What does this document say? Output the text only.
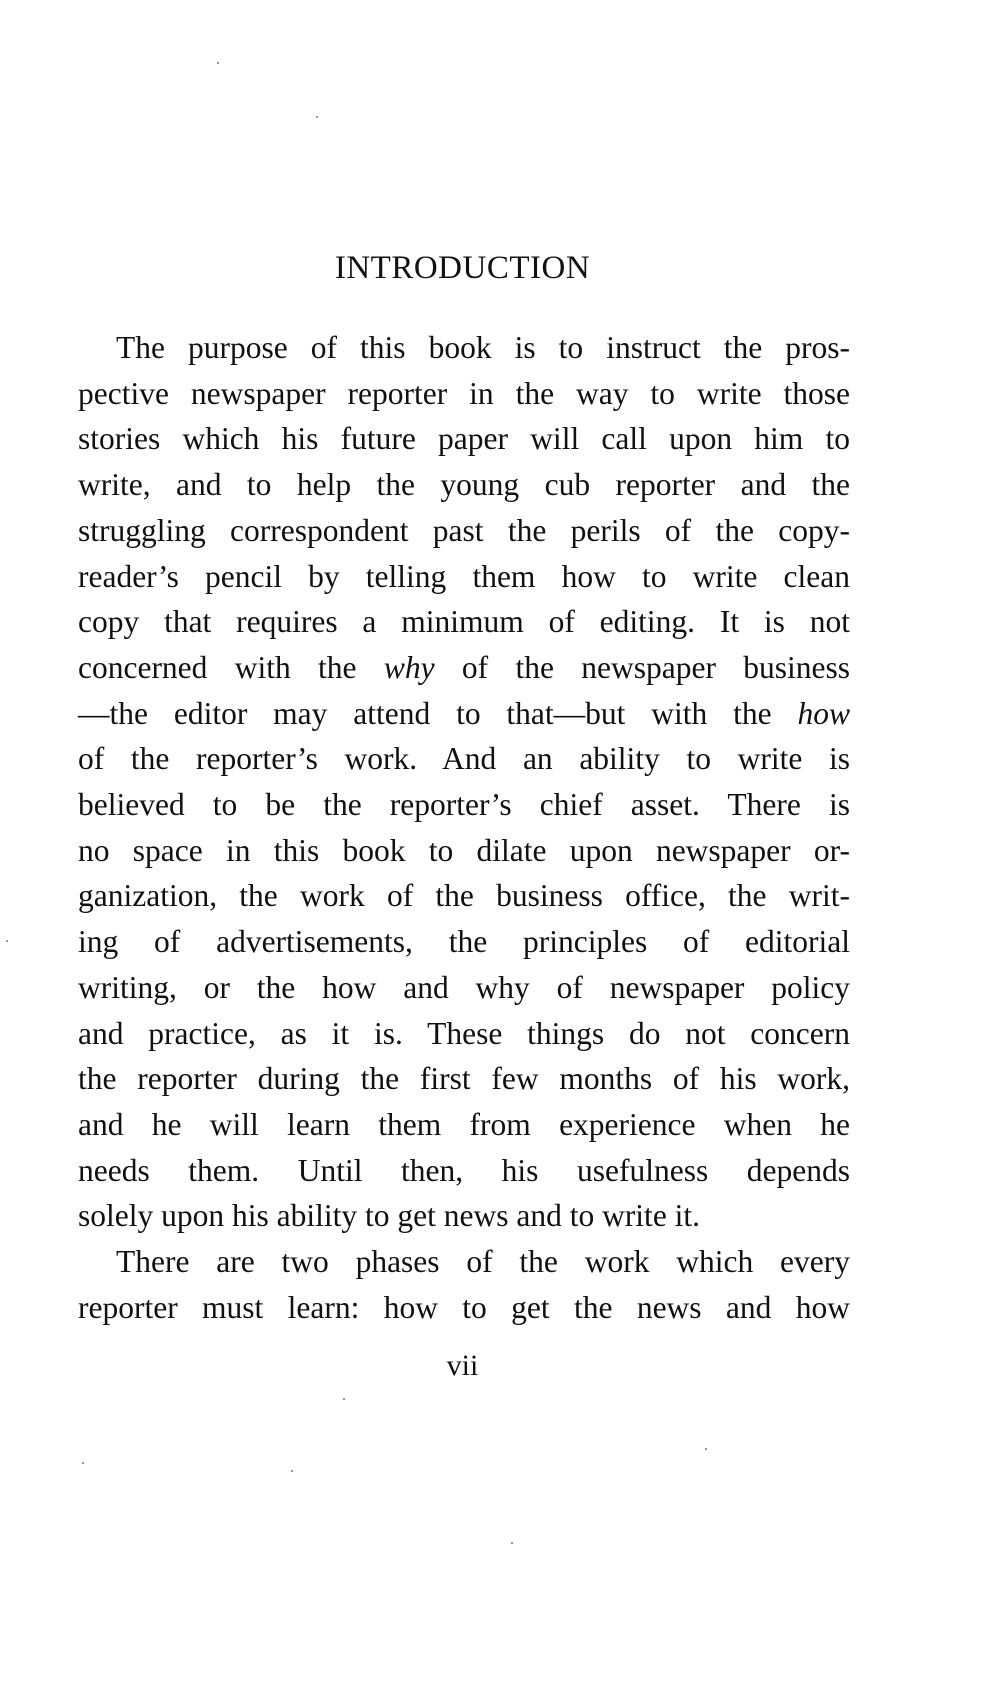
INTRODUCTION
The purpose of this book is to instruct the pros-
pective newspaper reporter in the way to write those
stories which his future paper will call upon him to
write, and to help the young cub reporter and the
struggling correspondent past the perils of the copy-
reader’s pencil by telling them how to write clean
copy that requires a minimum of editing. It is not
concerned with the why of the newspaper business
—the editor may attend to that—but with the how
of the reporter’s work. And an ability to write is
believed to be the reporter’s chief asset. There is
no space in this book to dilate upon newspaper or-
ganization, the work of the business office, the writ-
ing of advertisements, the principles of editorial
writing, or the how and why of newspaper policy
and practice, as it is. These things do not concern
the reporter during the first few months of his work,
and he will learn them from experience when he
needs them. Until then, his usefulness depends
solely upon his ability to get news and to write it.
There are two phases of the work which every
reporter must learn: how to get the news and how
vii
